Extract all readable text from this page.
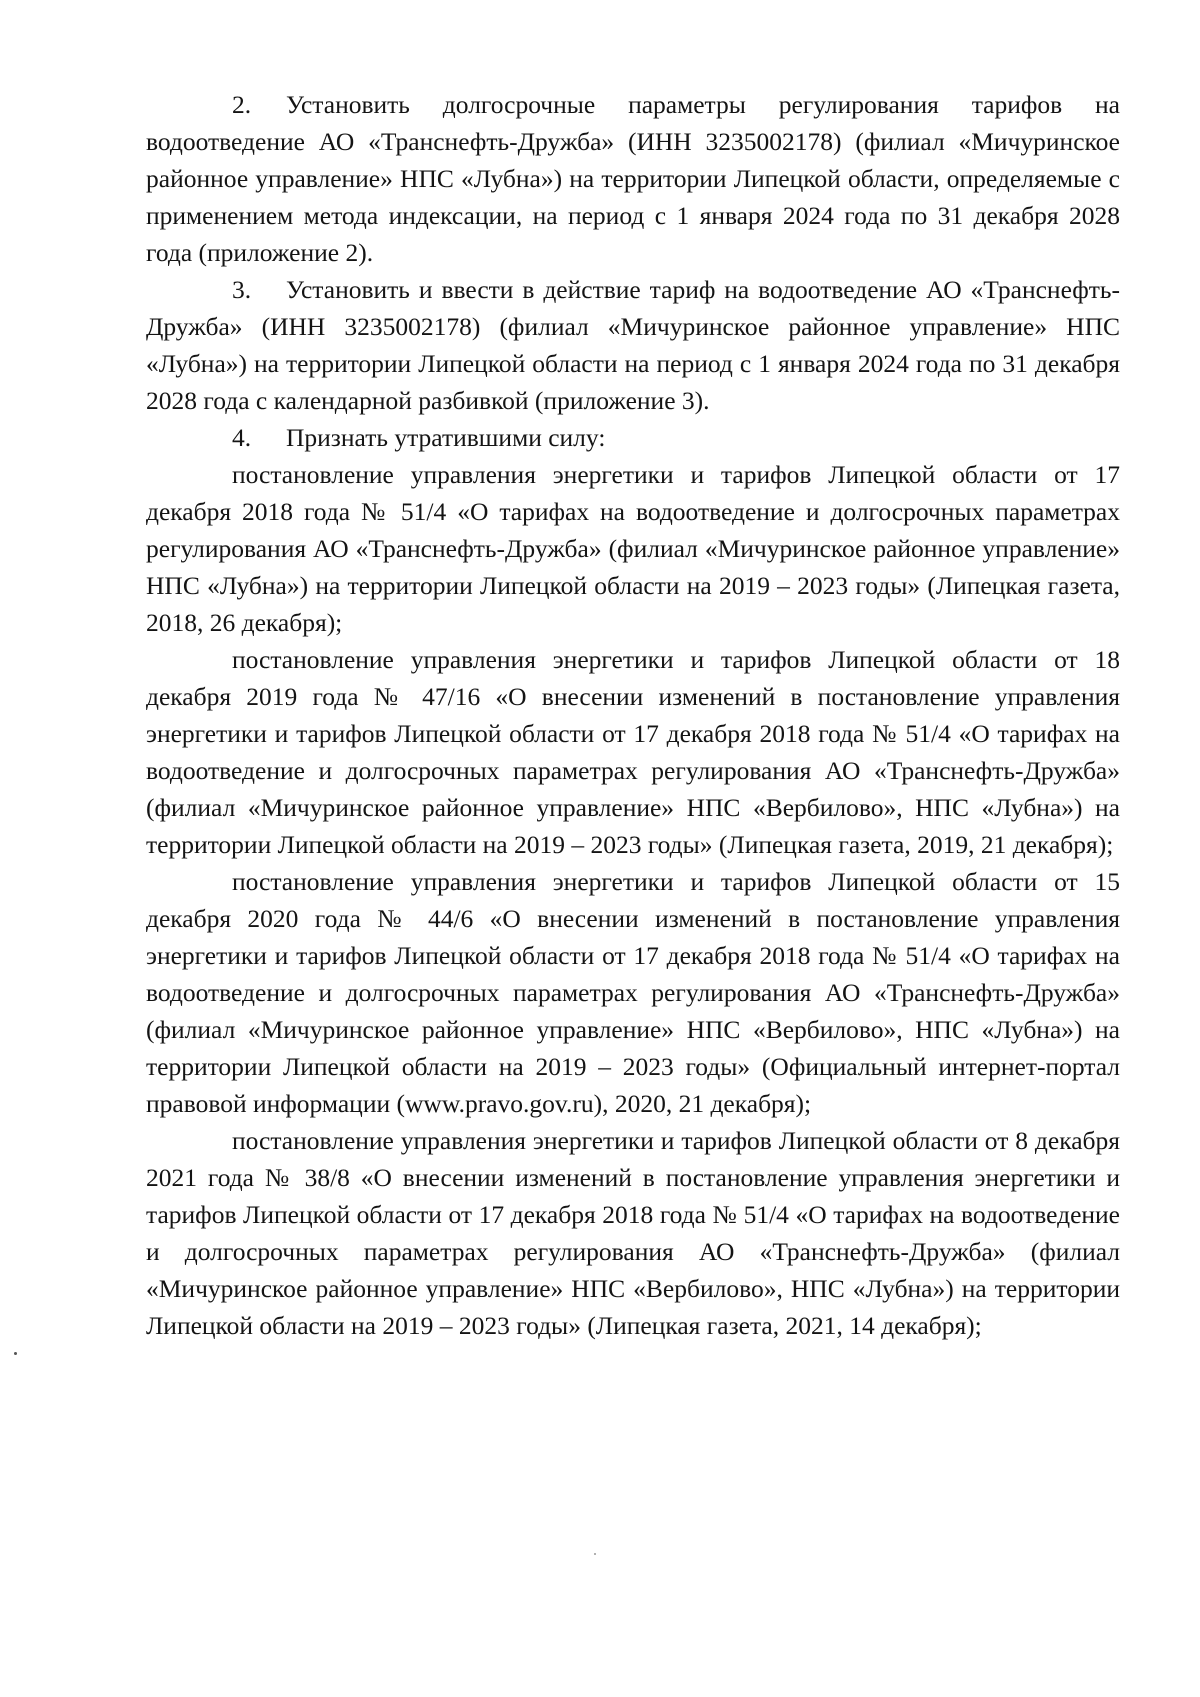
2. Установить долгосрочные параметры регулирования тарифов на водоотведение АО «Транснефть-Дружба» (ИНН 3235002178) (филиал «Мичуринское районное управление» НПС «Лубна») на территории Липецкой области, определяемые с применением метода индексации, на период с 1 января 2024 года по 31 декабря 2028 года (приложение 2).

3. Установить и ввести в действие тариф на водоотведение АО «Транснефть-Дружба» (ИНН 3235002178) (филиал «Мичуринское районное управление» НПС «Лубна») на территории Липецкой области на период с 1 января 2024 года по 31 декабря 2028 года с календарной разбивкой (приложение 3).

4. Признать утратившими силу:

постановление управления энергетики и тарифов Липецкой области от 17 декабря 2018 года № 51/4 «О тарифах на водоотведение и долгосрочных параметрах регулирования АО «Транснефть-Дружба» (филиал «Мичуринское районное управление» НПС «Лубна») на территории Липецкой области на 2019 – 2023 годы» (Липецкая газета, 2018, 26 декабря);

постановление управления энергетики и тарифов Липецкой области от 18 декабря 2019 года № 47/16 «О внесении изменений в постановление управления энергетики и тарифов Липецкой области от 17 декабря 2018 года № 51/4 «О тарифах на водоотведение и долгосрочных параметрах регулирования АО «Транснефть-Дружба» (филиал «Мичуринское районное управление» НПС «Вербилово», НПС «Лубна») на территории Липецкой области на 2019 – 2023 годы» (Липецкая газета, 2019, 21 декабря);

постановление управления энергетики и тарифов Липецкой области от 15 декабря 2020 года № 44/6 «О внесении изменений в постановление управления энергетики и тарифов Липецкой области от 17 декабря 2018 года № 51/4 «О тарифах на водоотведение и долгосрочных параметрах регулирования АО «Транснефть-Дружба» (филиал «Мичуринское районное управление» НПС «Вербилово», НПС «Лубна») на территории Липецкой области на 2019 – 2023 годы» (Официальный интернет-портал правовой информации (www.pravo.gov.ru), 2020, 21 декабря);

постановление управления энергетики и тарифов Липецкой области от 8 декабря 2021 года № 38/8 «О внесении изменений в постановление управления энергетики и тарифов Липецкой области от 17 декабря 2018 года № 51/4 «О тарифах на водоотведение и долгосрочных параметрах регулирования АО «Транснефть-Дружба» (филиал «Мичуринское районное управление» НПС «Вербилово», НПС «Лубна») на территории Липецкой области на 2019 – 2023 годы» (Липецкая газета, 2021, 14 декабря);
